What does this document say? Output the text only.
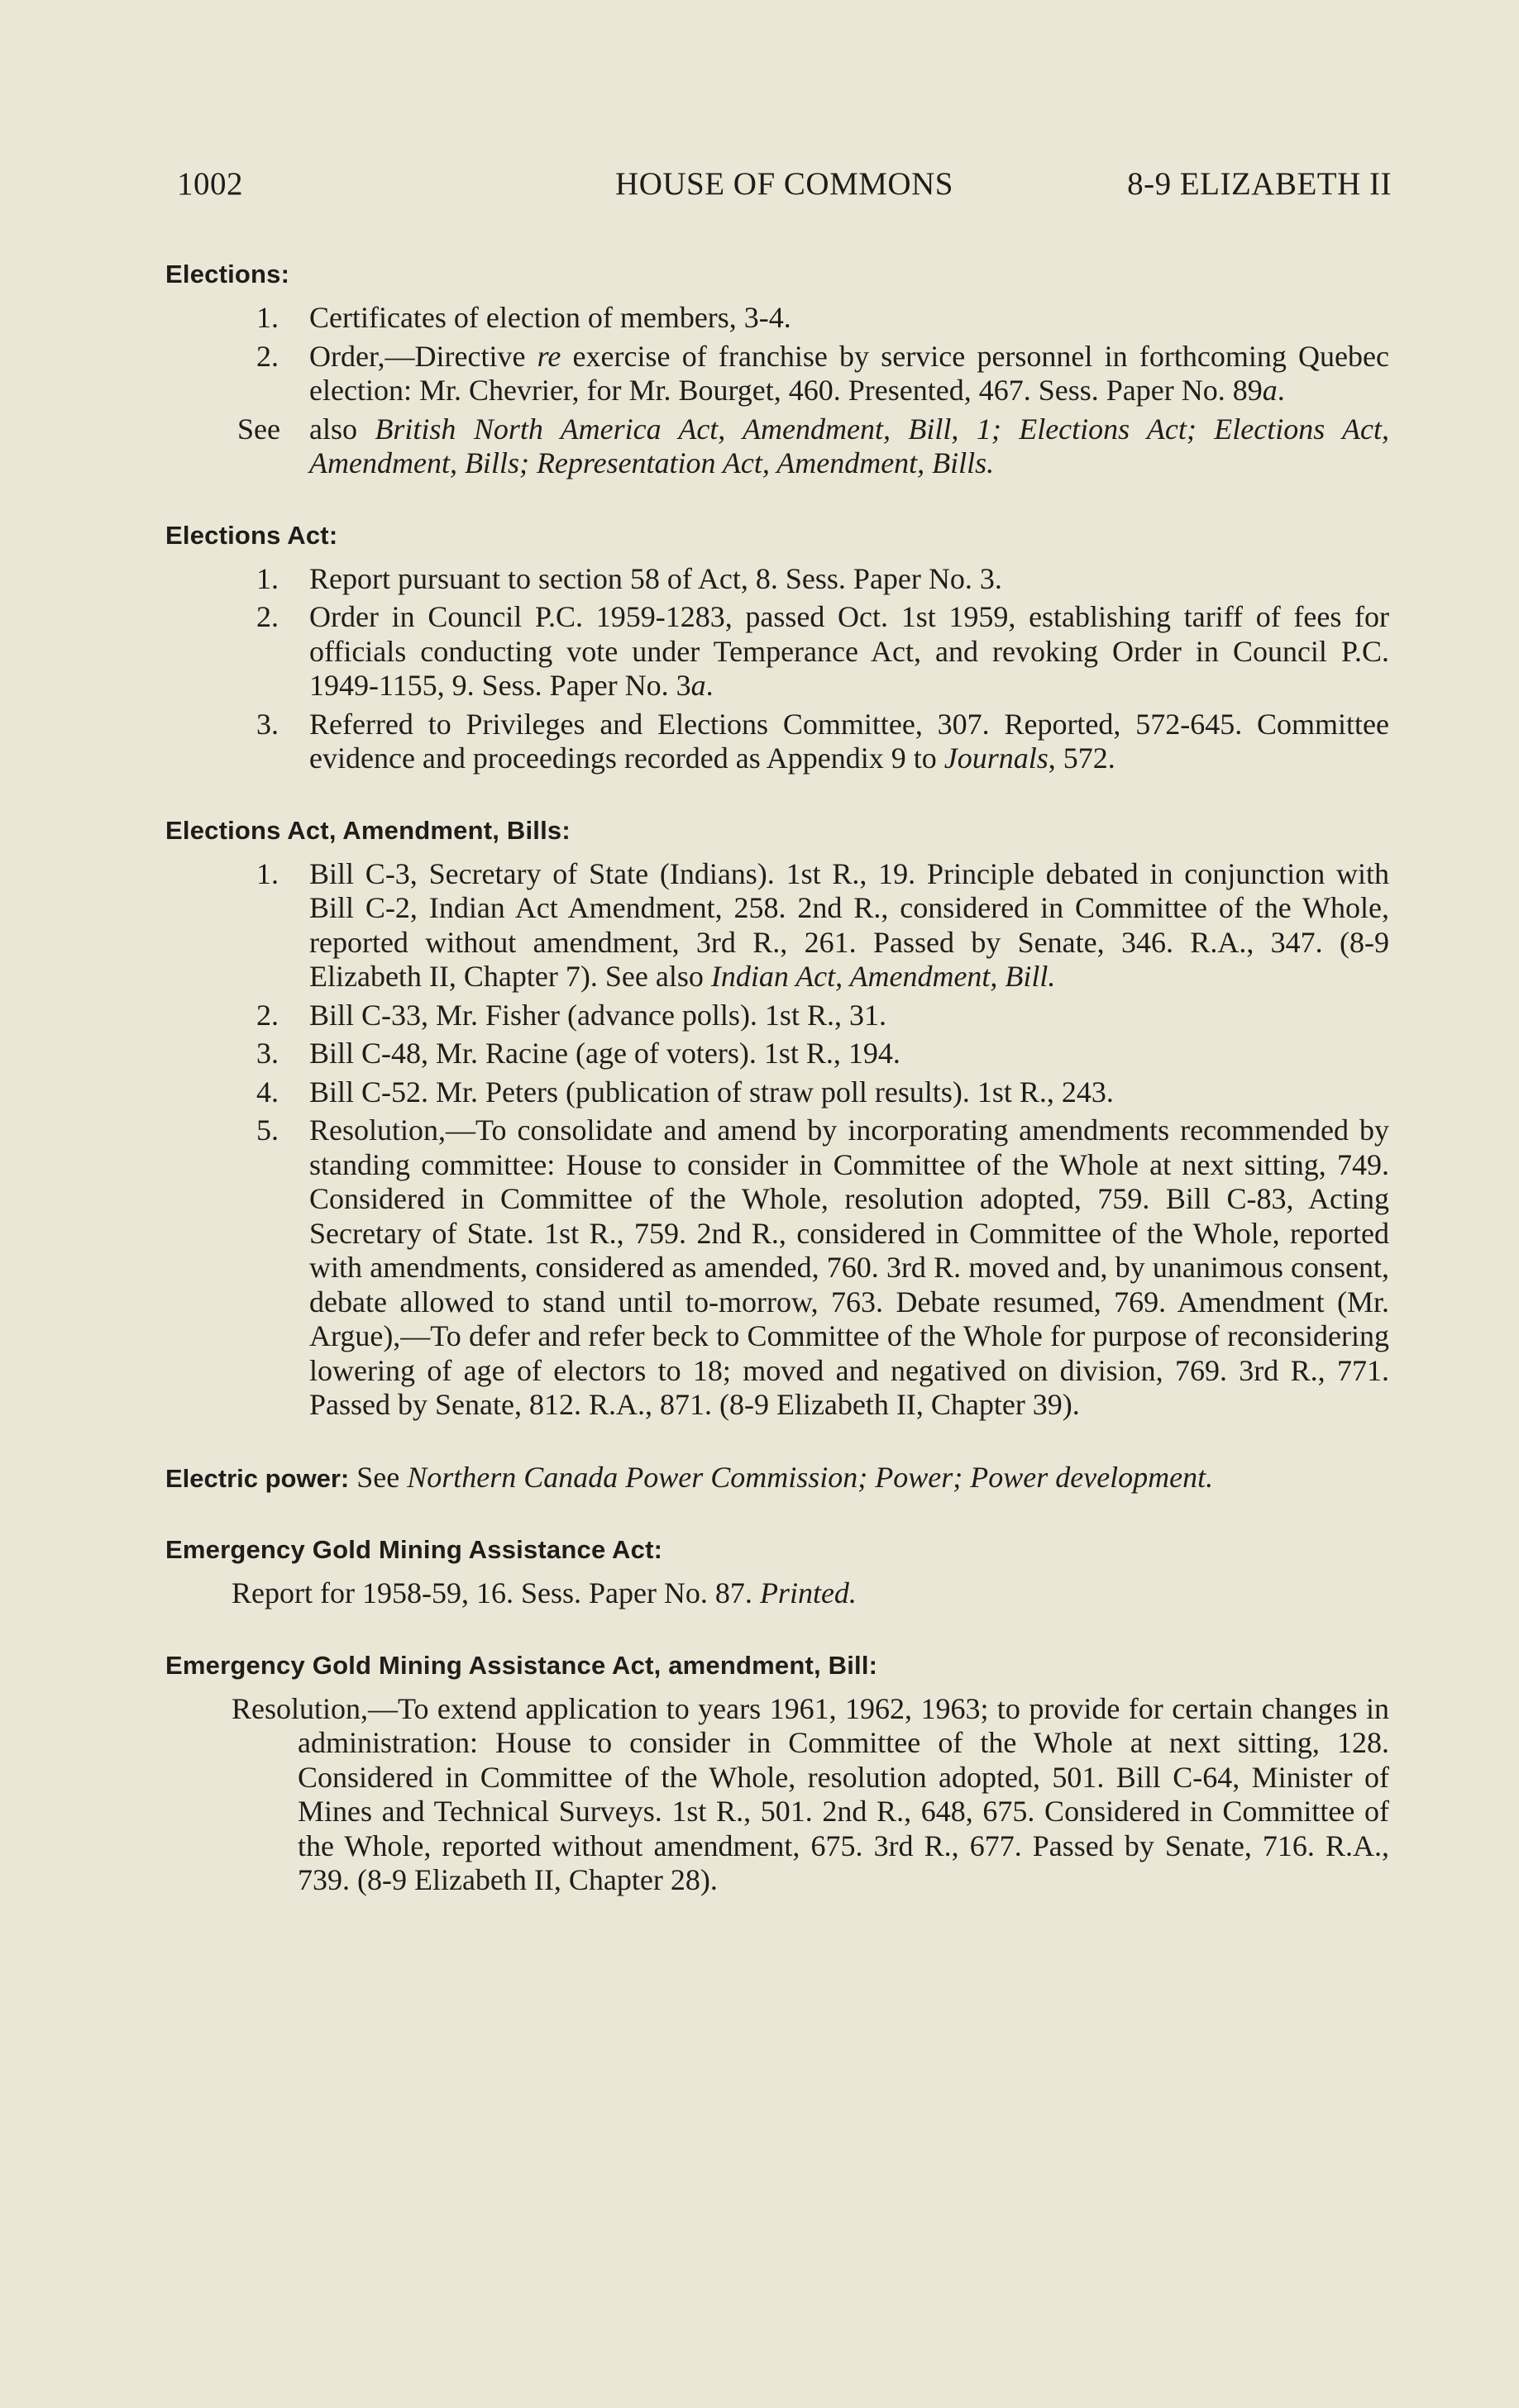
1002	HOUSE OF COMMONS	8-9 ELIZABETH II
Elections:
1. Certificates of election of members, 3-4.
2. Order,—Directive re exercise of franchise by service personnel in forthcoming Quebec election: Mr. Chevrier, for Mr. Bourget, 460. Presented, 467. Sess. Paper No. 89a.
See also British North America Act, Amendment, Bill, 1; Elections Act; Elections Act, Amendment, Bills; Representation Act, Amendment, Bills.
Elections Act:
1. Report pursuant to section 58 of Act, 8. Sess. Paper No. 3.
2. Order in Council P.C. 1959-1283, passed Oct. 1st 1959, establishing tariff of fees for officials conducting vote under Temperance Act, and revoking Order in Council P.C. 1949-1155, 9. Sess. Paper No. 3a.
3. Referred to Privileges and Elections Committee, 307. Reported, 572-645. Committee evidence and proceedings recorded as Appendix 9 to Journals, 572.
Elections Act, Amendment, Bills:
1. Bill C-3, Secretary of State (Indians). 1st R., 19. Principle debated in conjunction with Bill C-2, Indian Act Amendment, 258. 2nd R., considered in Committee of the Whole, reported without amendment, 3rd R., 261. Passed by Senate, 346. R.A., 347. (8-9 Elizabeth II, Chapter 7). See also Indian Act, Amendment, Bill.
2. Bill C-33, Mr. Fisher (advance polls). 1st R., 31.
3. Bill C-48, Mr. Racine (age of voters). 1st R., 194.
4. Bill C-52. Mr. Peters (publication of straw poll results). 1st R., 243.
5. Resolution,—To consolidate and amend by incorporating amendments recommended by standing committee: House to consider in Committee of the Whole at next sitting, 749. Considered in Committee of the Whole, resolution adopted, 759. Bill C-83, Acting Secretary of State. 1st R., 759. 2nd R., considered in Committee of the Whole, reported with amendments, considered as amended, 760. 3rd R. moved and, by unanimous consent, debate allowed to stand until to-morrow, 763. Debate resumed, 769. Amendment (Mr. Argue),—To defer and refer beck to Committee of the Whole for purpose of reconsidering lowering of age of electors to 18; moved and negatived on division, 769. 3rd R., 771. Passed by Senate, 812. R.A., 871. (8-9 Elizabeth II, Chapter 39).
Electric power: See Northern Canada Power Commission; Power; Power development.
Emergency Gold Mining Assistance Act:
Report for 1958-59, 16. Sess. Paper No. 87. Printed.
Emergency Gold Mining Assistance Act, amendment, Bill:
Resolution,—To extend application to years 1961, 1962, 1963; to provide for certain changes in administration: House to consider in Committee of the Whole at next sitting, 128. Considered in Committee of the Whole, resolution adopted, 501. Bill C-64, Minister of Mines and Technical Surveys. 1st R., 501. 2nd R., 648, 675. Considered in Committee of the Whole, reported without amendment, 675. 3rd R., 677. Passed by Senate, 716. R.A., 739. (8-9 Elizabeth II, Chapter 28).
